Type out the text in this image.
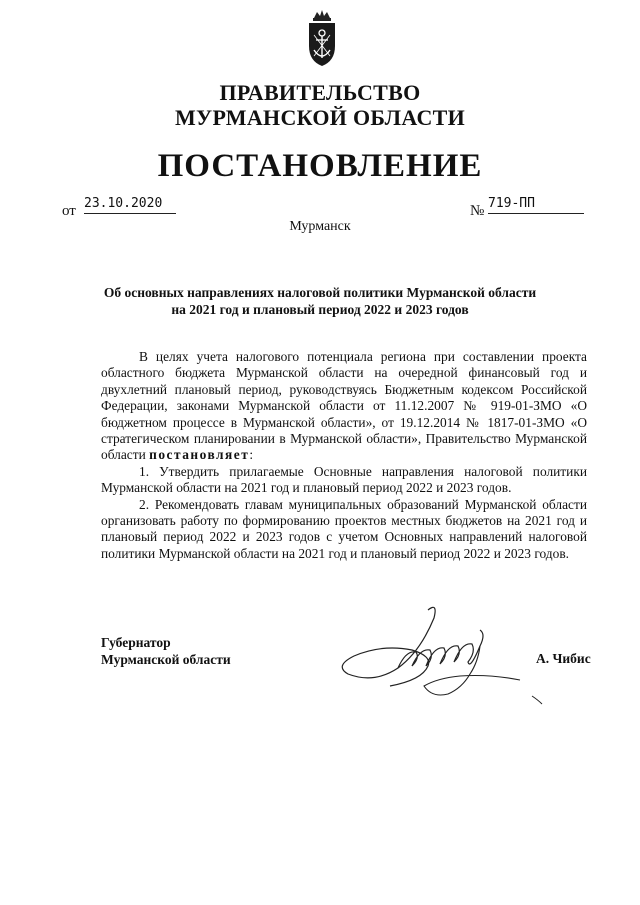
ПРАВИТЕЛЬСТВО
МУРМАНСКОЙ ОБЛАСТИ
ПОСТАНОВЛЕНИЕ
от 23.10.2020	№ 719-ПП
Мурманск
Об основных направлениях налоговой политики Мурманской области
на 2021 год и плановый период 2022 и 2023 годов

В целях учета налогового потенциала региона при составлении проекта областного бюджета Мурманской области на очередной финансовый год и двухлетний плановый период, руководствуясь Бюджетным кодексом Российской Федерации, законами Мурманской области от 11.12.2007 № 919-01-ЗМО «О бюджетном процессе в Мурманской области», от 19.12.2014 № 1817-01-ЗМО «О стратегическом планировании в Мурманской области», Правительство Мурманской области постановляет:

1. Утвердить прилагаемые Основные направления налоговой политики Мурманской области на 2021 год и плановый период 2022 и 2023 годов.

2. Рекомендовать главам муниципальных образований Мурманской области организовать работу по формированию проектов местных бюджетов на 2021 год и плановый период 2022 и 2023 годов с учетом Основных направлений налоговой политики Мурманской области на 2021 год и плановый период 2022 и 2023 годов.

Губернатор
Мурманской области	А. Чибис
